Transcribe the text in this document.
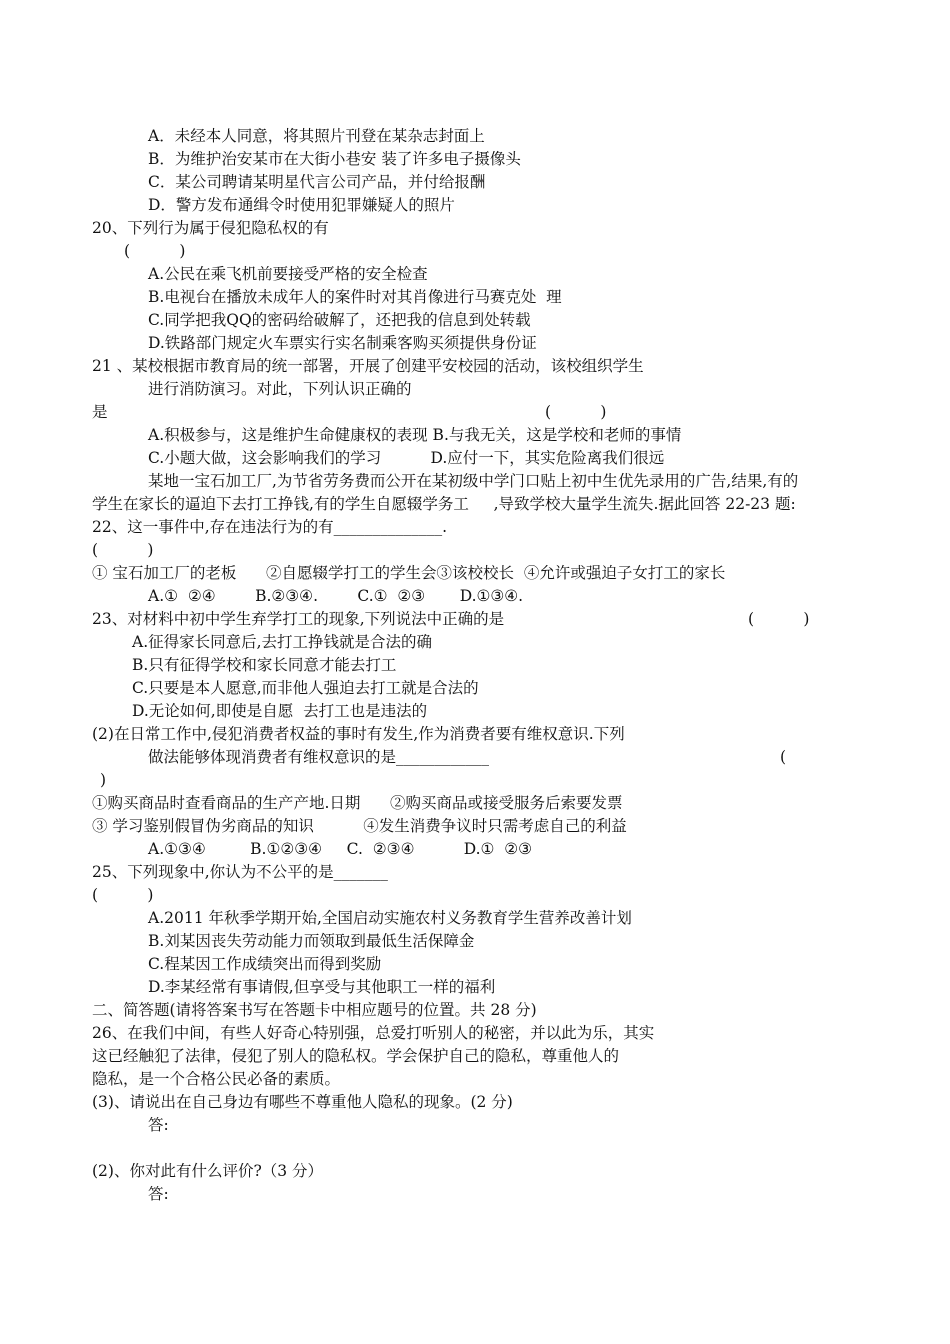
A．未经本人同意，将其照片刊登在某杂志封面上
B．为维护治安某市在大街小巷安 装了许多电子摄像头
C．某公司聘请某明星代言公司产品，并付给报酬
D．警方发布通缉令时使用犯罪嫌疑人的照片
20、下列行为属于侵犯隐私权的有
(          )
A.公民在乘飞机前要接受严格的安全检查
B.电视台在播放未成年人的案件时对其肖像进行马赛克处  理
C.同学把我QQ的密码给破解了，还把我的信息到处转载
D.铁路部门规定火车票实行实名制乘客购买须提供身份证
21 、某校根据市教育局的统一部署，开展了创建平安校园的活动，该校组织学生
进行消防演习。对此，下列认识正确的
是	(          )
A.积极参与，这是维护生命健康权的表现 B.与我无关，这是学校和老师的事情
C.小题大做，这会影响我们的学习          D.应付一下，其实危险离我们很远
某地一宝石加工厂,为节省劳务费而公开在某初级中学门口贴上初中生优先录用的广告,结果,有的
学生在家长的逼迫下去打工挣钱,有的学生自愿辍学务工     ,导致学校大量学生流失.据此回答 22-23 题:
22、这一事件中,存在违法行为的有______________.
(          )
① 宝石加工厂的老板      ②自愿辍学打工的学生会③该校校长  ④允许或强迫子女打工的家长
A.①  ②④        B.②③④.        C.①  ②③       D.①③④.
23、对材料中初中学生弃学打工的现象,下列说法中正确的是	(          )
A.征得家长同意后,去打工挣钱就是合法的确
B.只有征得学校和家长同意才能去打工
C.只要是本人愿意,而非他人强迫去打工就是合法的
D.无论如何,即使是自愿  去打工也是违法的
(2)在日常工作中,侵犯消费者权益的事时有发生,作为消费者要有维权意识.下列
做法能够体现消费者有维权意识的是____________	(
)
①购买商品时查看商品的生产产地.日期      ②购买商品或接受服务后索要发票
③ 学习鉴别假冒伪劣商品的知识          ④发生消费争议时只需考虑自己的利益
A.①③④         B.①②③④     C.  ②③④          D.①  ②③
25、下列现象中,你认为不公平的是_______
(          )
A.2011 年秋季学期开始,全国启动实施农村义务教育学生营养改善计划
B.刘某因丧失劳动能力而领取到最低生活保障金
C.程某因工作成绩突出而得到奖励
D.李某经常有事请假,但享受与其他职工一样的福利
二、简答题(请将答案书写在答题卡中相应题号的位置。共 28 分)
26、在我们中间，有些人好奇心特别强，总爱打听别人的秘密，并以此为乐，其实
这已经触犯了法律，侵犯了别人的隐私权。学会保护自己的隐私，尊重他人的
隐私，是一个合格公民必备的素质。
(3)、请说出在自己身边有哪些不尊重他人隐私的现象。(2 分)
答:
(2)、你对此有什么评价?（3 分）
答:
